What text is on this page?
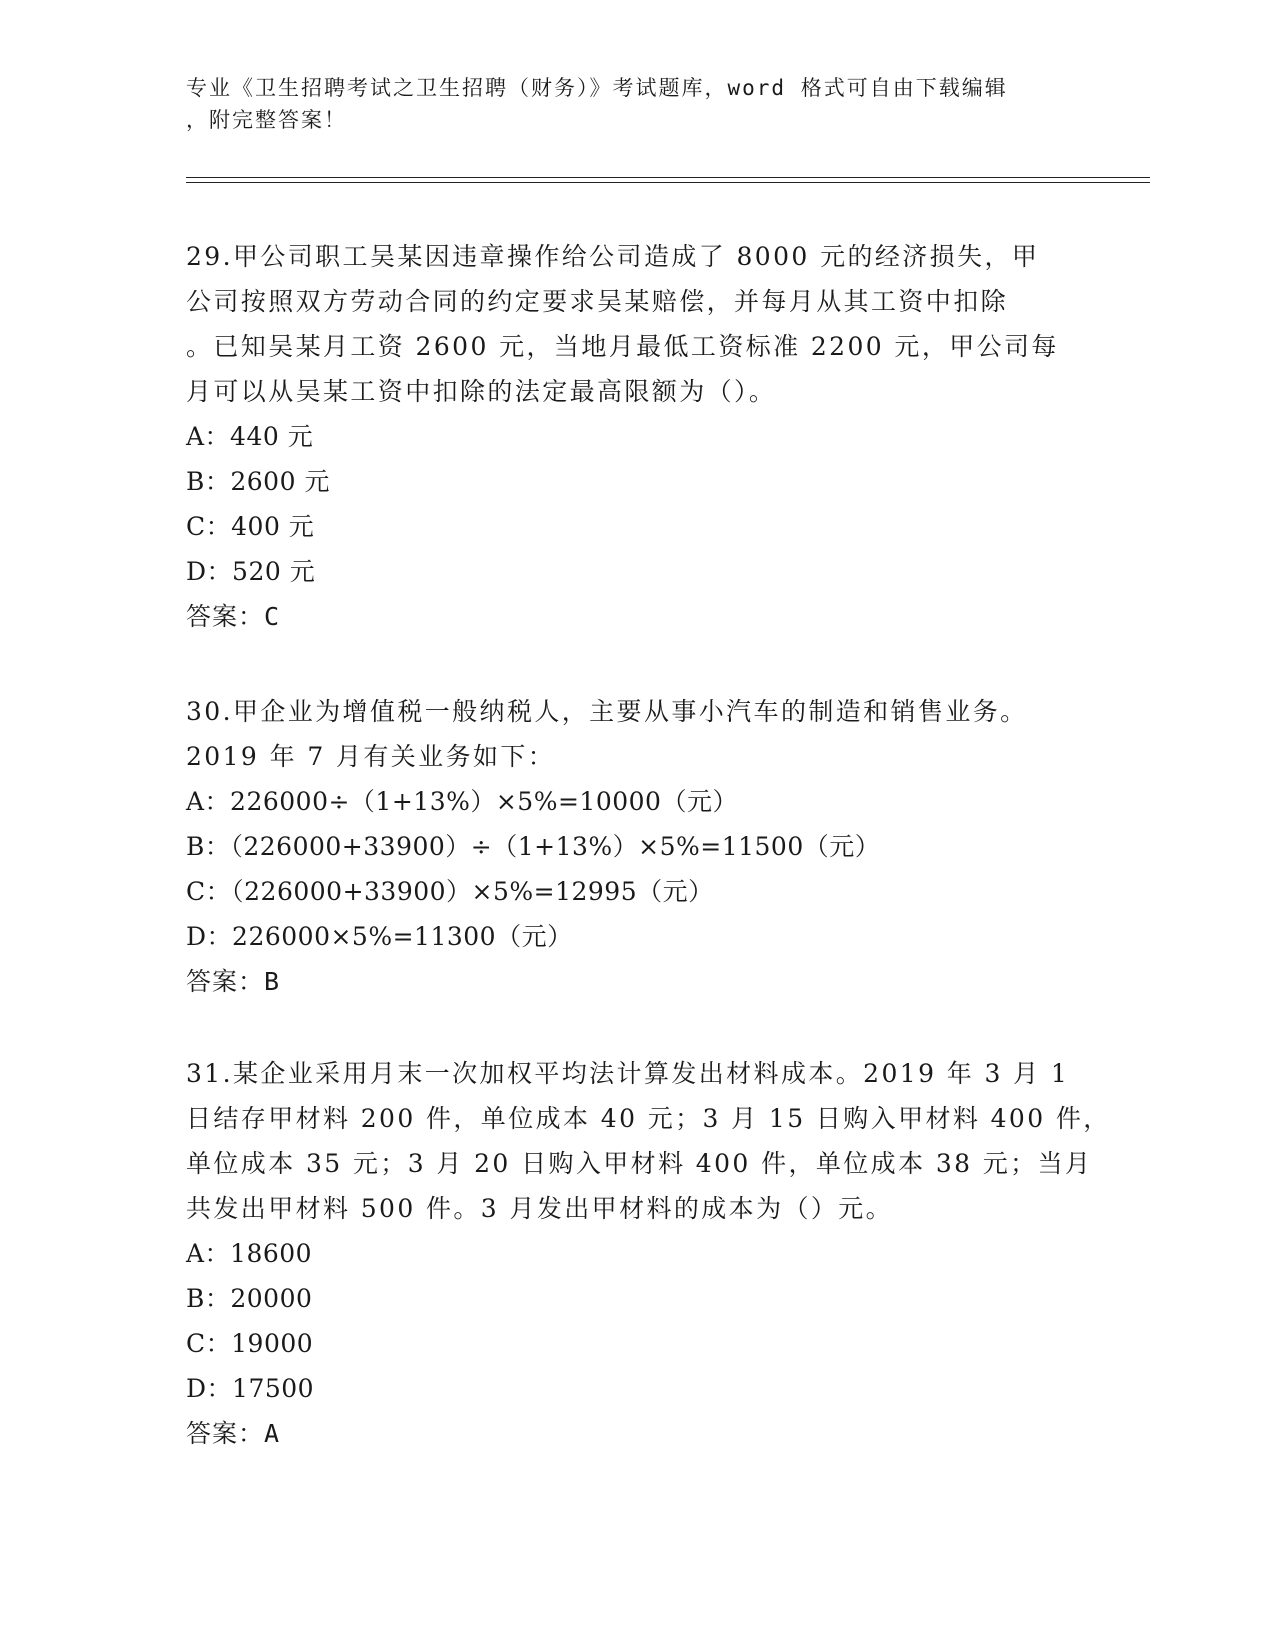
专业《卫生招聘考试之卫生招聘（财务）》考试题库，word 格式可自由下载编辑
，附完整答案！
29.甲公司职工吴某因违章操作给公司造成了 8000 元的经济损失，甲
公司按照双方劳动合同的约定要求吴某赔偿，并每月从其工资中扣除
。已知吴某月工资 2600 元，当地月最低工资标准 2200 元，甲公司每
月可以从吴某工资中扣除的法定最高限额为（）。
A：440 元
B：2600 元
C：400 元
D：520 元
答案：C
30.甲企业为增值税一般纳税人，主要从事小汽车的制造和销售业务。
2019 年 7 月有关业务如下：
A：226000÷（1+13%）×5%=10000（元）
B：（226000+33900）÷（1+13%）×5%=11500（元）
C：（226000+33900）×5%=12995（元）
D：226000×5%=11300（元）
答案：B
31.某企业采用月末一次加权平均法计算发出材料成本。2019 年 3 月 1
日结存甲材料 200 件，单位成本 40 元；3 月 15 日购入甲材料 400 件，
单位成本 35 元；3 月 20 日购入甲材料 400 件，单位成本 38 元；当月
共发出甲材料 500 件。3 月发出甲材料的成本为（）元。
A：18600
B：20000
C：19000
D：17500
答案：A
